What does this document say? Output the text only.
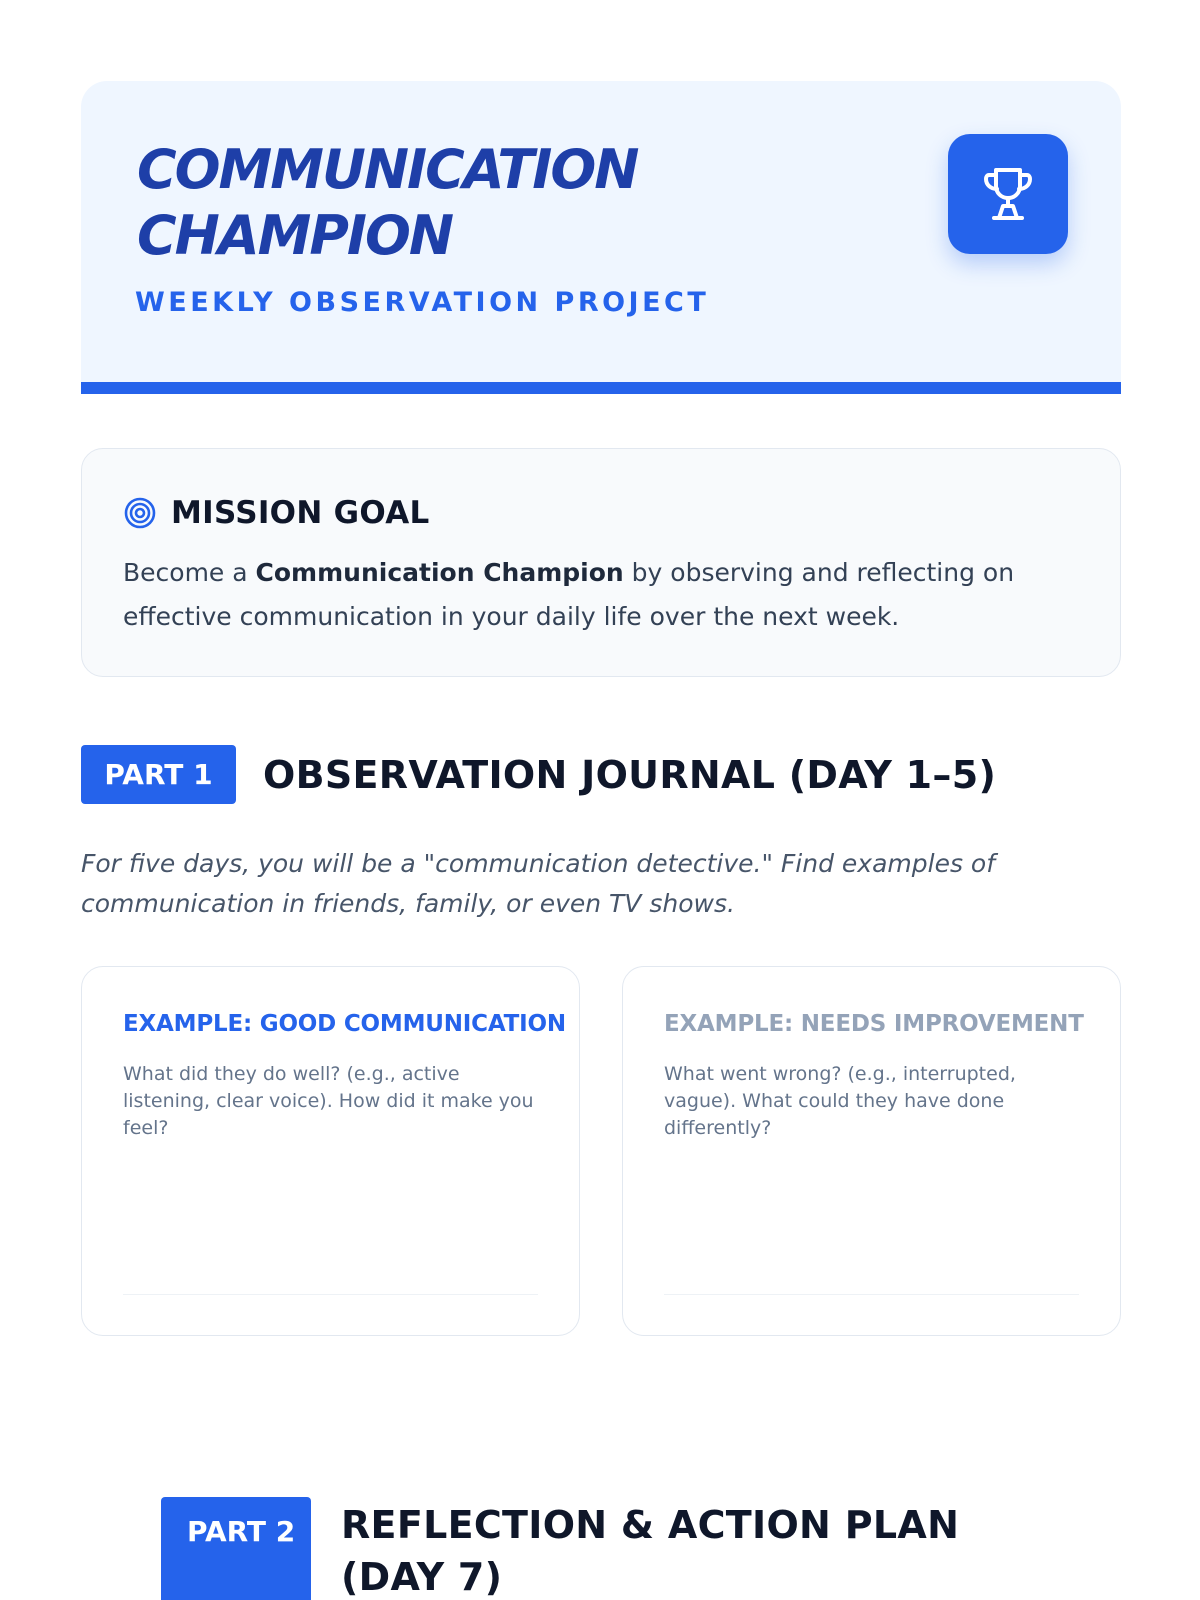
COMMUNICATION CHAMPION
WEEKLY OBSERVATION PROJECT
MISSION GOAL

Become a Communication Champion by observing and reflecting on effective communication in your daily life over the next week.

PART 1	OBSERVATION JOURNAL (DAY 1–5)

For five days, you will be a "communication detective." Find examples of communication in friends, family, or even TV shows.

EXAMPLE: GOOD COMMUNICATION
What did they do well? (e.g., active listening, clear voice). How did it make you feel?
EXAMPLE: NEEDS IMPROVEMENT
What went wrong? (e.g., interrupted, vague). What could they have done differently?
PART 2	REFLECTION & ACTION PLAN (DAY 7)
